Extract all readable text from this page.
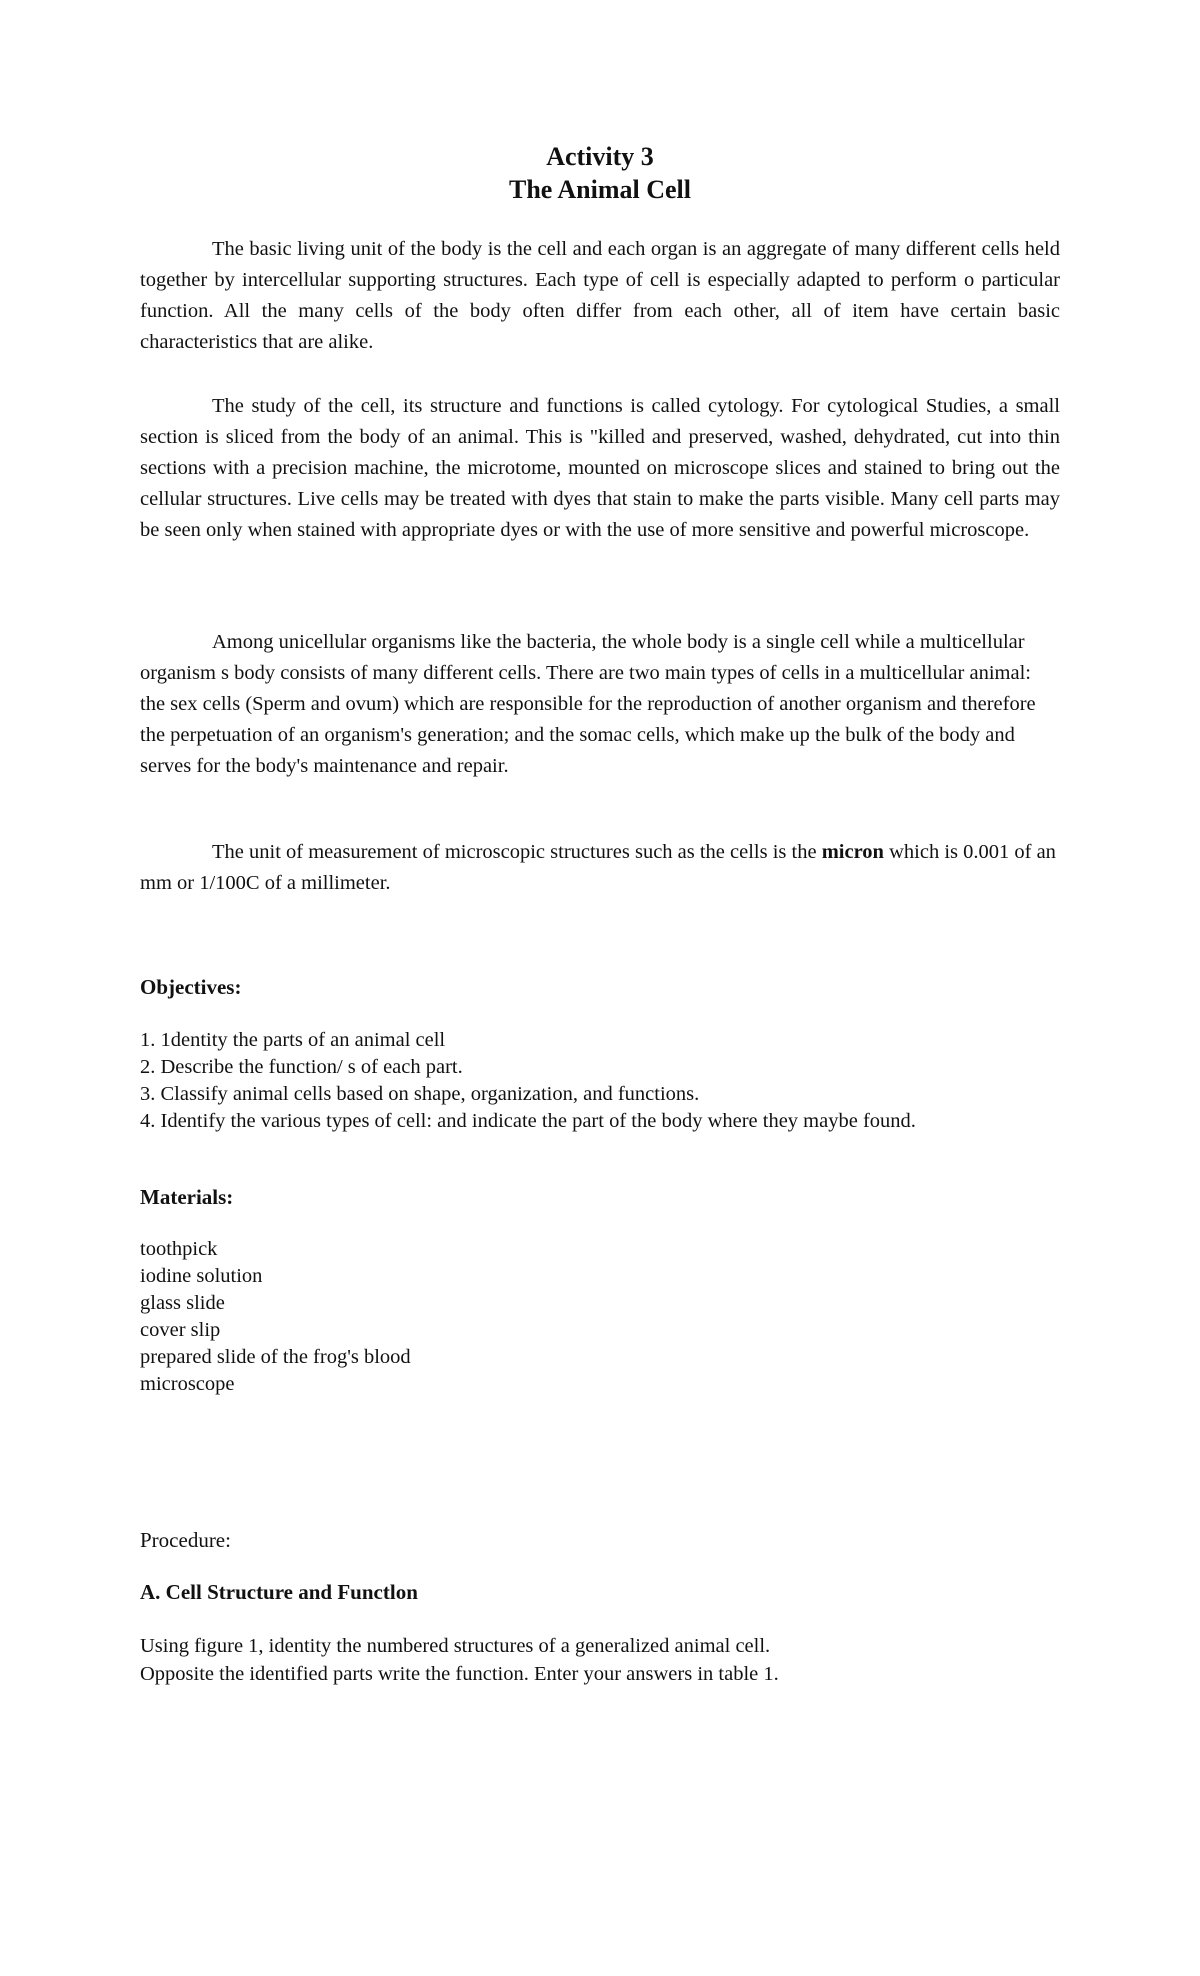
Activity 3
The Animal Cell

The basic living unit of the body is the cell and each organ is an aggregate of many different cells held together by intercellular supporting structures. Each type of cell is especially adapted to perform o particular function. All the many cells of the body often differ from each other, all of item have certain basic characteristics that are alike.

The study of the cell, its structure and functions is called cytology. For cytological Studies, a small section is sliced from the body of an animal. This is "killed and preserved, washed, dehydrated, cut into thin sections with a precision machine, the microtome, mounted on microscope slices and stained to bring out the cellular structures. Live cells may be treated with dyes that stain to make the parts visible. Many cell parts may be seen only when stained with appropriate dyes or with the use of more sensitive and powerful microscope.

Among unicellular organisms like the bacteria, the whole body is a single cell while a multicellular organism s body consists of many different cells. There are two main types of cells in a multicellular animal: the sex cells (Sperm and ovum) which are responsible for the reproduction of another organism and therefore the perpetuation of an organism's generation; and the somac cells, which make up the bulk of the body and serves for the body's maintenance and repair.

The unit of measurement of microscopic structures such as the cells is the micron which is 0.001 of an mm or 1/100C of a millimeter.

Objectives:
1. 1dentity the parts of an animal cell
2. Describe the function/ s of each part.
3. Classify animal cells based on shape, organization, and functions.
4. Identify the various types of cell: and indicate the part of the body where they maybe found.
Materials:
toothpick
iodine solution
glass slide
cover slip
prepared slide of the frog's blood
microscope
Procedure:
A. Cell Structure and Functlon
Using figure 1, identity the numbered structures of a generalized animal cell.
Opposite the identified parts write the function. Enter your answers in table 1.
